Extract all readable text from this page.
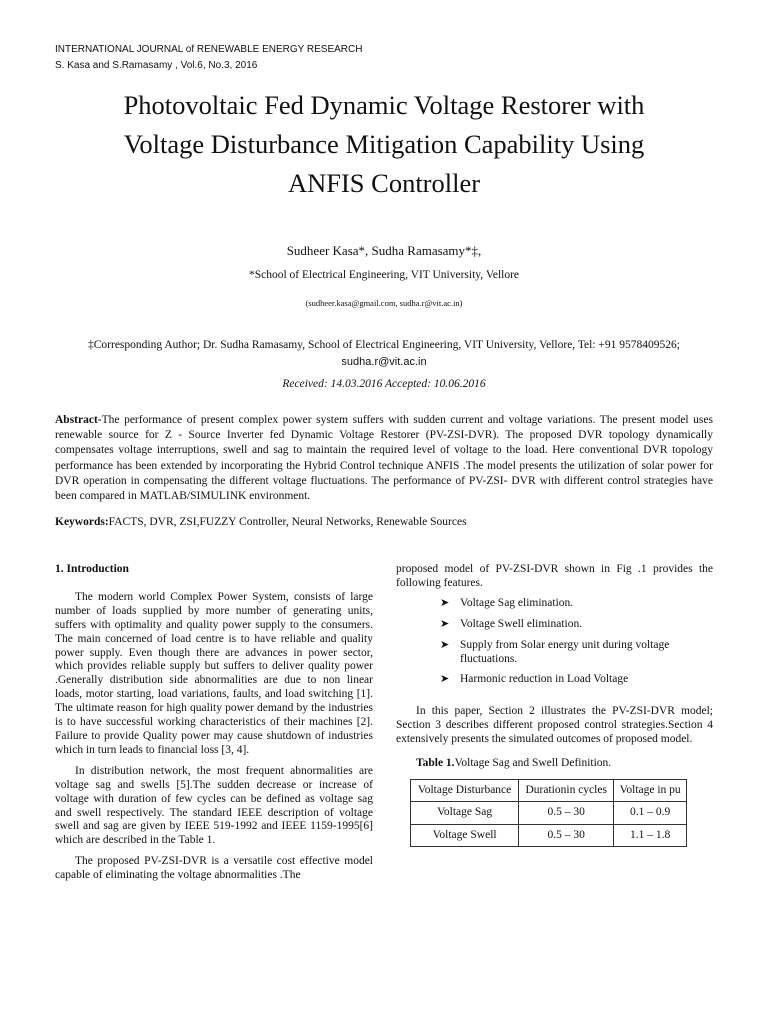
INTERNATIONAL JOURNAL of RENEWABLE ENERGY RESEARCH
S. Kasa and S.Ramasamy , Vol.6, No.3, 2016
Photovoltaic Fed Dynamic Voltage Restorer with
Voltage Disturbance Mitigation Capability Using
ANFIS Controller
Sudheer Kasa*, Sudha Ramasamy*‡,
*School of Electrical Engineering, VIT University, Vellore
(sudheer.kasa@gmail.com, sudha.r@vit.ac.in)
‡Corresponding Author; Dr. Sudha Ramasamy, School of Electrical Engineering, VIT University, Vellore, Tel: +91 9578409526; sudha.r@vit.ac.in
Received: 14.03.2016 Accepted: 10.06.2016
Abstract-The performance of present complex power system suffers with sudden current and voltage variations. The present model uses renewable source for Z - Source Inverter fed Dynamic Voltage Restorer (PV-ZSI-DVR). The proposed DVR topology dynamically compensates voltage interruptions, swell and sag to maintain the required level of voltage to the load. Here conventional DVR topology performance has been extended by incorporating the Hybrid Control technique ANFIS .The model presents the utilization of solar power for DVR operation in compensating the different voltage fluctuations. The performance of PV-ZSI- DVR with different control strategies have been compared in MATLAB/SIMULINK environment.
Keywords:FACTS, DVR, ZSI,FUZZY Controller, Neural Networks, Renewable Sources
1. Introduction

The modern world Complex Power System, consists of large number of loads supplied by more number of generating units, suffers with optimality and quality power supply to the consumers. The main concerned of load centre is to have reliable and quality power supply. Even though there are advances in power sector, which provides reliable supply but suffers to deliver quality power .Generally distribution side abnormalities are due to non linear loads, motor starting, load variations, faults, and load switching [1]. The ultimate reason for high quality power demand by the industries is to have successful working characteristics of their machines [2]. Failure to provide Quality power may cause shutdown of industries which in turn leads to financial loss [3, 4].

In distribution network, the most frequent abnormalities are voltage sag and swells [5].The sudden decrease or increase of voltage with duration of few cycles can be defined as voltage sag and swell respectively. The standard IEEE description of voltage swell and sag are given by IEEE 519-1992 and IEEE 1159-1995[6] which are described in the Table 1.

The proposed PV-ZSI-DVR is a versatile cost effective model capable of eliminating the voltage abnormalities .The

proposed model of PV-ZSI-DVR shown in Fig .1 provides the following features.

➤ Voltage Sag elimination.
➤ Voltage Swell elimination.
➤ Supply from Solar energy unit during voltage fluctuations.
➤ Harmonic reduction in Load Voltage

In this paper, Section 2 illustrates the PV-ZSI-DVR model; Section 3 describes different proposed control strategies.Section 4 extensively presents the simulated outcomes of proposed model.

Table 1.Voltage Sag and Swell Definition.

Voltage Disturbance	Durationin cycles	Voltage in pu
Voltage Sag	0.5 – 30	0.1 – 0.9
Voltage Swell	0.5 – 30	1.1 – 1.8
